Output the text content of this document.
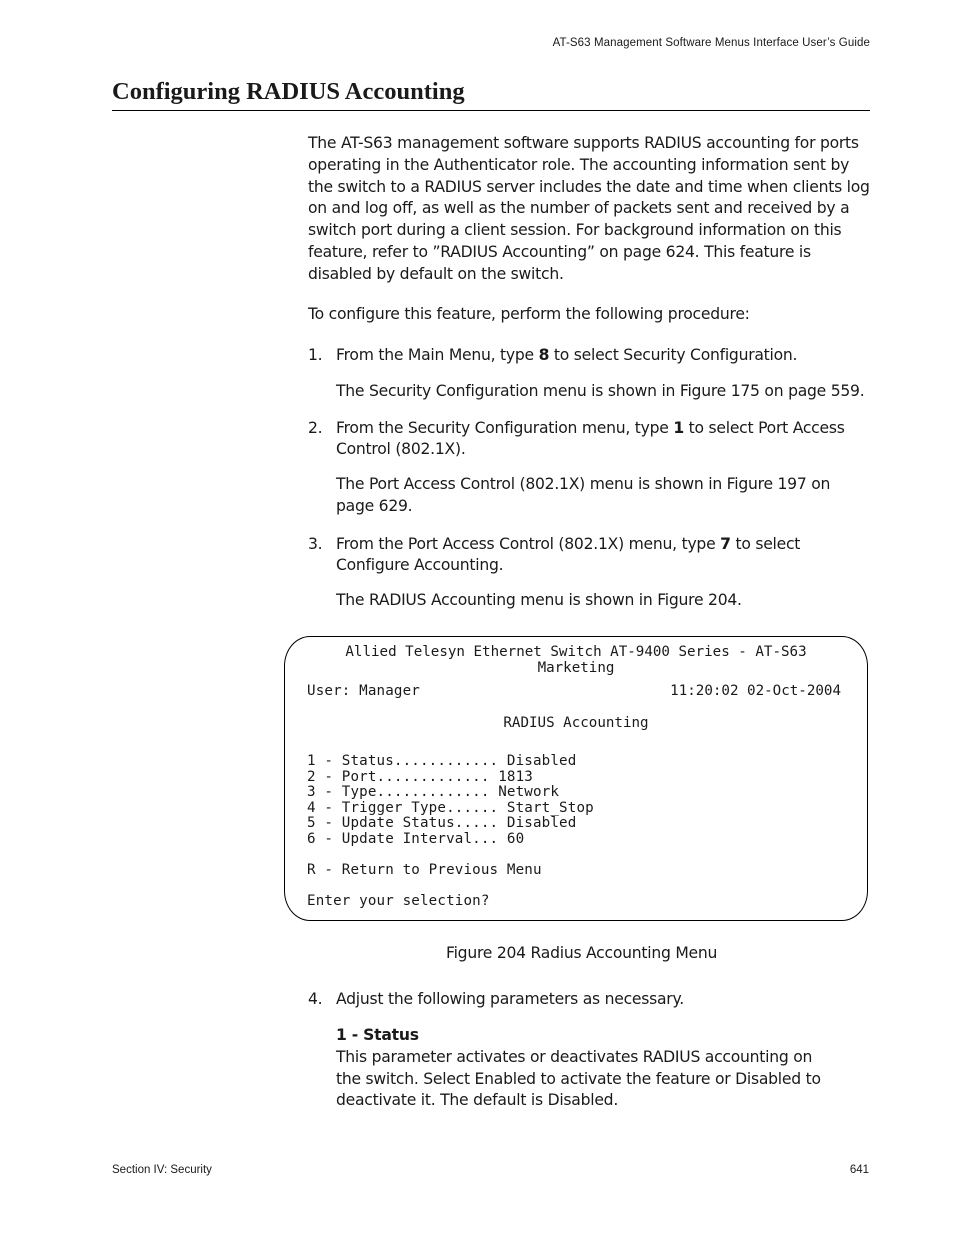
AT-S63 Management Software Menus Interface User’s Guide
Configuring RADIUS Accounting
The AT-S63 management software supports RADIUS accounting for ports operating in the Authenticator role. The accounting information sent by the switch to a RADIUS server includes the date and time when clients log on and log off, as well as the number of packets sent and received by a switch port during a client session. For background information on this feature, refer to ”RADIUS Accounting” on page 624. This feature is disabled by default on the switch.
To configure this feature, perform the following procedure:
1. From the Main Menu, type 8 to select Security Configuration.
The Security Configuration menu is shown in Figure 175 on page 559.
2. From the Security Configuration menu, type 1 to select Port Access Control (802.1X).
The Port Access Control (802.1X) menu is shown in Figure 197 on page 629.
3. From the Port Access Control (802.1X) menu, type 7 to select Configure Accounting.
The RADIUS Accounting menu is shown in Figure 204.
Allied Telesyn Ethernet Switch AT-9400 Series - AT-S63
Marketing
User: Manager	11:20:02 02-Oct-2004
RADIUS Accounting
1 - Status............ Disabled
2 - Port............. 1813
3 - Type............. Network
4 - Trigger Type...... Start_Stop
5 - Update Status..... Disabled
6 - Update Interval... 60
R - Return to Previous Menu
Enter your selection?
Figure 204 Radius Accounting Menu
4. Adjust the following parameters as necessary.
1 - Status
This parameter activates or deactivates RADIUS accounting on the switch. Select Enabled to activate the feature or Disabled to deactivate it. The default is Disabled.
Section IV: Security	641
